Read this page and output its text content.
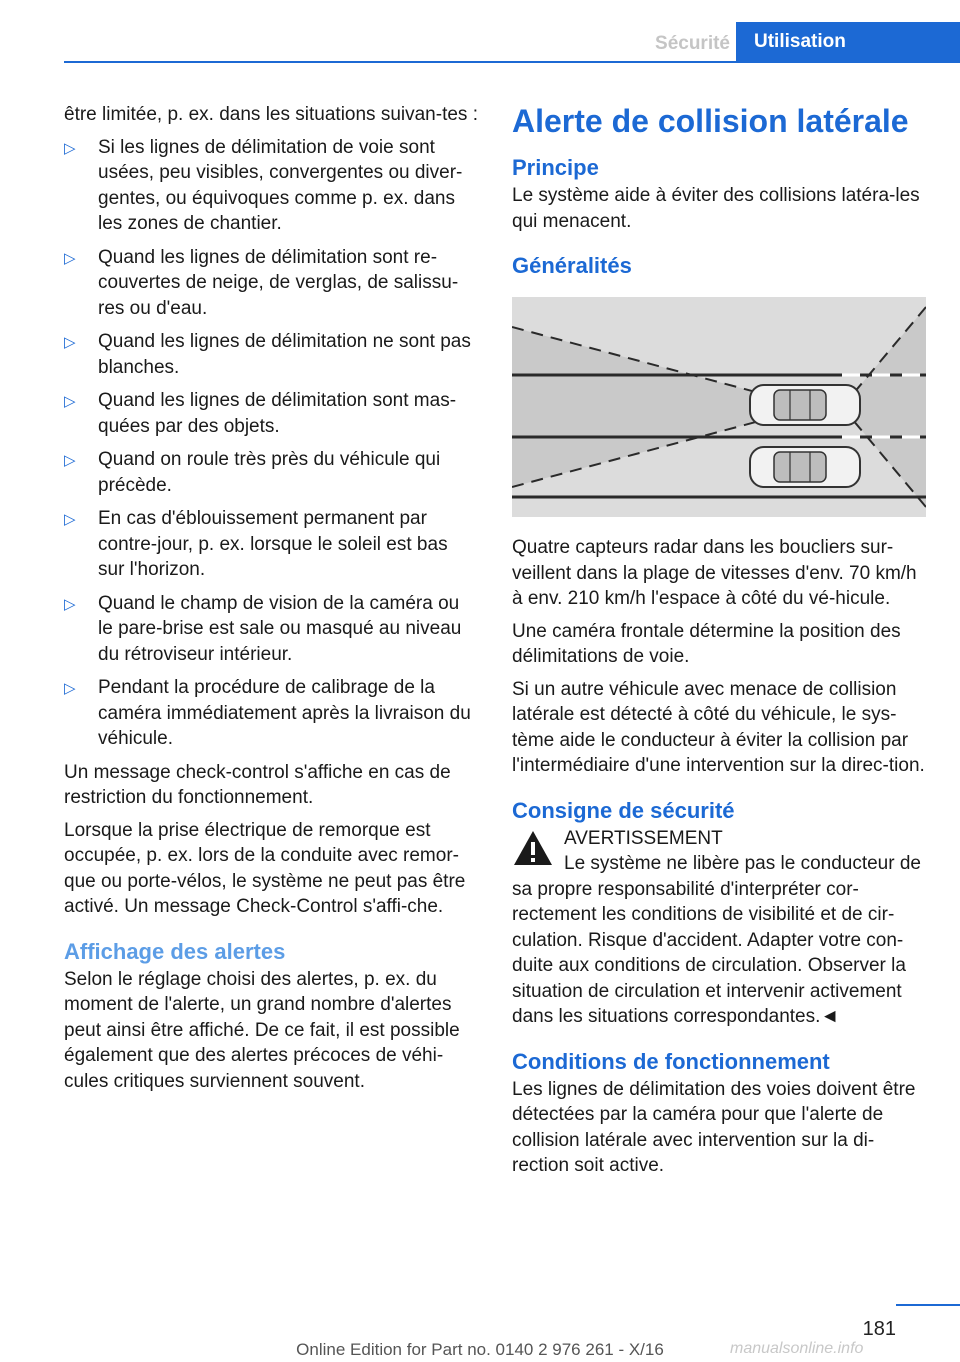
Sécurité	Utilisation

être limitée, p. ex. dans les situations suivan-tes :

▷ Si les lignes de délimitation de voie sont usées, peu visibles, convergentes ou diver-gentes, ou équivoques comme p. ex. dans les zones de chantier.
▷ Quand les lignes de délimitation sont re-couvertes de neige, de verglas, de salissu-res ou d'eau.
▷ Quand les lignes de délimitation ne sont pas blanches.
▷ Quand les lignes de délimitation sont mas-quées par des objets.
▷ Quand on roule très près du véhicule qui précède.
▷ En cas d'éblouissement permanent par contre-jour, p. ex. lorsque le soleil est bas sur l'horizon.
▷ Quand le champ de vision de la caméra ou le pare-brise est sale ou masqué au niveau du rétroviseur intérieur.
▷ Pendant la procédure de calibrage de la caméra immédiatement après la livraison du véhicule.

Un message check-control s'affiche en cas de restriction du fonctionnement.

Lorsque la prise électrique de remorque est occupée, p. ex. lors de la conduite avec remor-que ou porte-vélos, le système ne peut pas être activé. Un message Check-Control s'affi-che.

Affichage des alertes

Selon le réglage choisi des alertes, p. ex. du moment de l'alerte, un grand nombre d'alertes peut ainsi être affiché. De ce fait, il est possible également que des alertes précoces de véhi-cules critiques surviennent souvent.

Alerte de collision latérale
Principe

Le système aide à éviter des collisions latéra-les qui menacent.

Généralités

Quatre capteurs radar dans les boucliers sur-veillent dans la plage de vitesses d'env. 70 km/h à env. 210 km/h l'espace à côté du vé-hicule.

Une caméra frontale détermine la position des délimitations de voie.

Si un autre véhicule avec menace de collision latérale est détecté à côté du véhicule, le sys-tème aide le conducteur à éviter la collision par l'intermédiaire d'une intervention sur la direc-tion.

Consigne de sécurité

AVERTISSEMENT

Le système ne libère pas le conducteur de sa propre responsabilité d'interpréter cor-rectement les conditions de visibilité et de cir-culation. Risque d'accident. Adapter votre con-duite aux conditions de circulation. Observer la situation de circulation et intervenir activement dans les situations correspondantes.◄

Conditions de fonctionnement

Les lignes de délimitation des voies doivent être détectées par la caméra pour que l'alerte de collision latérale avec intervention sur la di-rection soit active.

181
Online Edition for Part no. 0140 2 976 261 - X/16	manualsonline.info
